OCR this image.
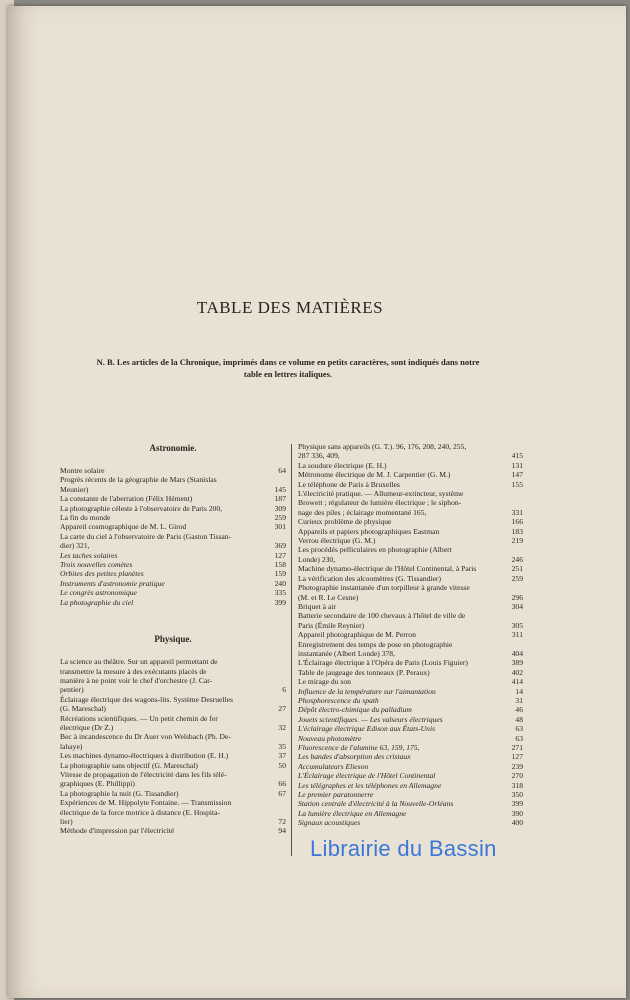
TABLE DES MATIÈRES
N. B. Les articles de la Chronique, imprimés dans ce volume en petits caractères, sont indiqués dans notre table en lettres italiques.
Astronomie.
Montre solaire	64
Progrès récents de la géographie de Mars (Stanislas
Meunier)	145
La constante de l'aberration (Félix Hément)	187
La photographie céleste à l'observatoire de Paris 200,	309
La fin du monde	259
Appareil cosmographique de M. L. Girod	301
La carte du ciel à l'observatoire de Paris (Gaston Tissan-
dier) 321,	369
Les taches solaires	127
Trois nouvelles comètes	158
Orbites des petites planètes	159
Instruments d'astronomie pratique	240
Le congrès astronomique	335
La photographie du ciel	399
Physique.
La science au théâtre. Sur un appareil permettant de
transmettre la mesure à des exécutants placés de
manière à ne point voir le chef d'orchestre (J. Car-
pentier)	6
Éclairage électrique des wagons-lits. Système Desruelles
(G. Mareschal)	27
Récréations scientifiques. — Un petit chemin de fer
électrique (Dr Z.)	32
Bec à incandescence du Dr Auer von Welsbach (Ph. De-
lahaye)	35
Les machines dynamo-électriques à distribution (E. H.)	37
La photographie sans objectif (G. Mareschal)	50
Vitesse de propagation de l'électricité dans les fils télé-
graphiques (E. Phillippi)	66
La photographie la nuit (G. Tissandier)	67
Expériences de M. Hippolyte Fontaine. — Transmission
électrique de la force motrice à distance (E. Hospita-
lier)	72
Méthode d'impression par l'électricité	94
Physique sans appareils (G. T.). 96, 176, 208, 240, 255,
287 336, 409,	415
La soudure électrique (E. H.)	131
Métronome électrique de M. J. Carpentier (G. M.)	147
Le téléphone de Paris à Bruxelles	155
L'électricité pratique. — Allumeur-extincteur, système
Browett ; régulateur de lumière électrique ; le siphon-
nage des piles ; éclairage momentané 165,	331
Curieux problème de physique	166
Appareils et papiers photographiques Eastman	183
Verrou électrique (G. M.)	219
Les procédés pelliculaires en photographie (Albert
Londe) 230,	246
Machine dynamo-électrique de l'Hôtel Continental, à Paris	251
La vérification des alcoomètres (G. Tissandier)	259
Photographie instantanée d'un torpilleur à grande vitesse
(M. et R. Le Cesne)	296
Briquet à air	304
Batterie secondaire de 100 chevaux à l'hôtel de ville de
Paris (Émile Reynier)	305
Appareil photographique de M. Perron	311
Enregistrement des temps de pose en photographie
instantanée (Albert Londe) 378,	404
L'Éclairage électrique à l'Opéra de Paris (Louis Figuier)	389
Table de jaugeage des tonneaux (P. Peraux)	402
Le mirage du son	414
Influence de la température sur l'aimantation	14
Phosphorescence du spath	31
Dépôt électro-chimique du palladium	46
Jouets scientifiques. — Les valseurs électriques	48
L'éclairage électrique Edison aux États-Unis	63
Nouveau photomètre	63
Fluorescence de l'alumine 63, 159, 175,	271
Les bandes d'absorption des cristaux	127
Accumulateurs Elieson	239
L'Éclairage électrique de l'Hôtel Continental	270
Les télégraphes et les téléphones en Allemagne	318
Le premier paratonnerre	350
Station centrale d'électricité à la Nouvelle-Orléans	399
La lumière électrique en Allemagne	390
Signaux acoustiques	400
Librairie du Bassin
